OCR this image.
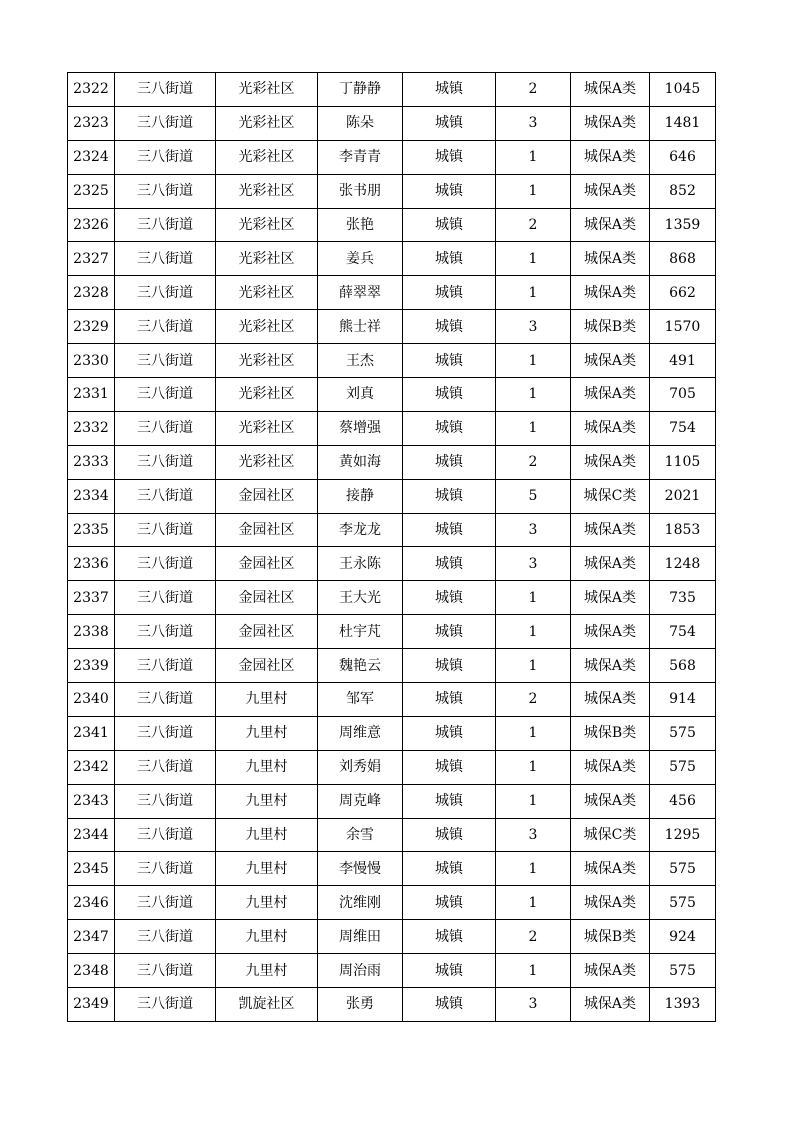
2322	三八街道	光彩社区	丁静静	城镇	2	城保A类	1045
2323	三八街道	光彩社区	陈朵	城镇	3	城保A类	1481
2324	三八街道	光彩社区	李青青	城镇	1	城保A类	646
2325	三八街道	光彩社区	张书朋	城镇	1	城保A类	852
2326	三八街道	光彩社区	张艳	城镇	2	城保A类	1359
2327	三八街道	光彩社区	姜兵	城镇	1	城保A类	868
2328	三八街道	光彩社区	薛翠翠	城镇	1	城保A类	662
2329	三八街道	光彩社区	熊士祥	城镇	3	城保B类	1570
2330	三八街道	光彩社区	王杰	城镇	1	城保A类	491
2331	三八街道	光彩社区	刘真	城镇	1	城保A类	705
2332	三八街道	光彩社区	蔡增强	城镇	1	城保A类	754
2333	三八街道	光彩社区	黄如海	城镇	2	城保A类	1105
2334	三八街道	金园社区	接静	城镇	5	城保C类	2021
2335	三八街道	金园社区	李龙龙	城镇	3	城保A类	1853
2336	三八街道	金园社区	王永陈	城镇	3	城保A类	1248
2337	三八街道	金园社区	王大光	城镇	1	城保A类	735
2338	三八街道	金园社区	杜宇芃	城镇	1	城保A类	754
2339	三八街道	金园社区	魏艳云	城镇	1	城保A类	568
2340	三八街道	九里村	邹军	城镇	2	城保A类	914
2341	三八街道	九里村	周维意	城镇	1	城保B类	575
2342	三八街道	九里村	刘秀娟	城镇	1	城保A类	575
2343	三八街道	九里村	周克峰	城镇	1	城保A类	456
2344	三八街道	九里村	余雪	城镇	3	城保C类	1295
2345	三八街道	九里村	李慢慢	城镇	1	城保A类	575
2346	三八街道	九里村	沈维刚	城镇	1	城保A类	575
2347	三八街道	九里村	周维田	城镇	2	城保B类	924
2348	三八街道	九里村	周治雨	城镇	1	城保A类	575
2349	三八街道	凯旋社区	张勇	城镇	3	城保A类	1393
